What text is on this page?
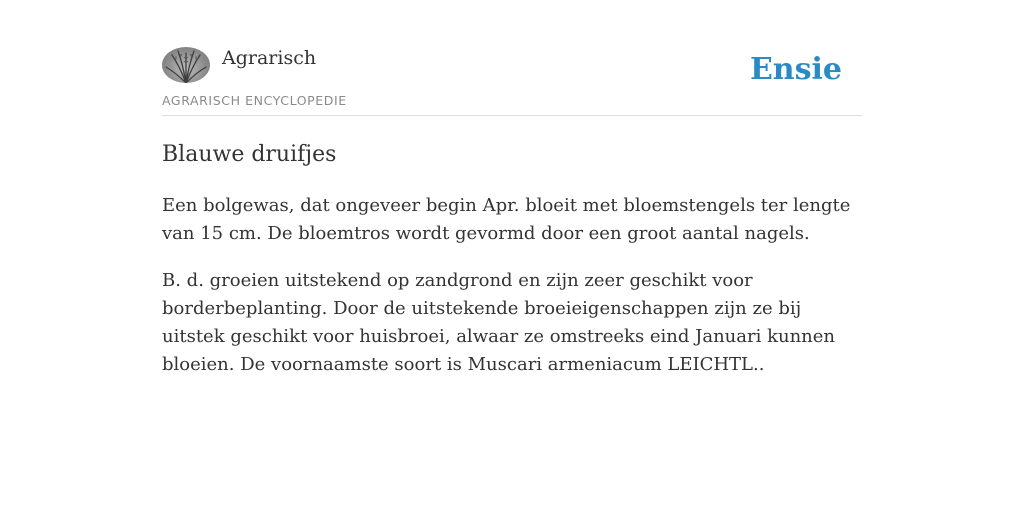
Agrarisch
AGRARISCH ENCYCLOPEDIE
Ensie
Blauwe druifjes

Een bolgewas, dat ongeveer begin Apr. bloeit met bloemstengels ter lengte van 15 cm. De bloemtros wordt gevormd door een groot aantal nagels.

B. d. groeien uitstekend op zandgrond en zijn zeer geschikt voor borderbeplanting. Door de uitstekende broeieigenschappen zijn ze bij uitstek geschikt voor huisbroei, alwaar ze omstreeks eind Januari kunnen bloeien. De voornaamste soort is Muscari armeniacum LEICHTL..
